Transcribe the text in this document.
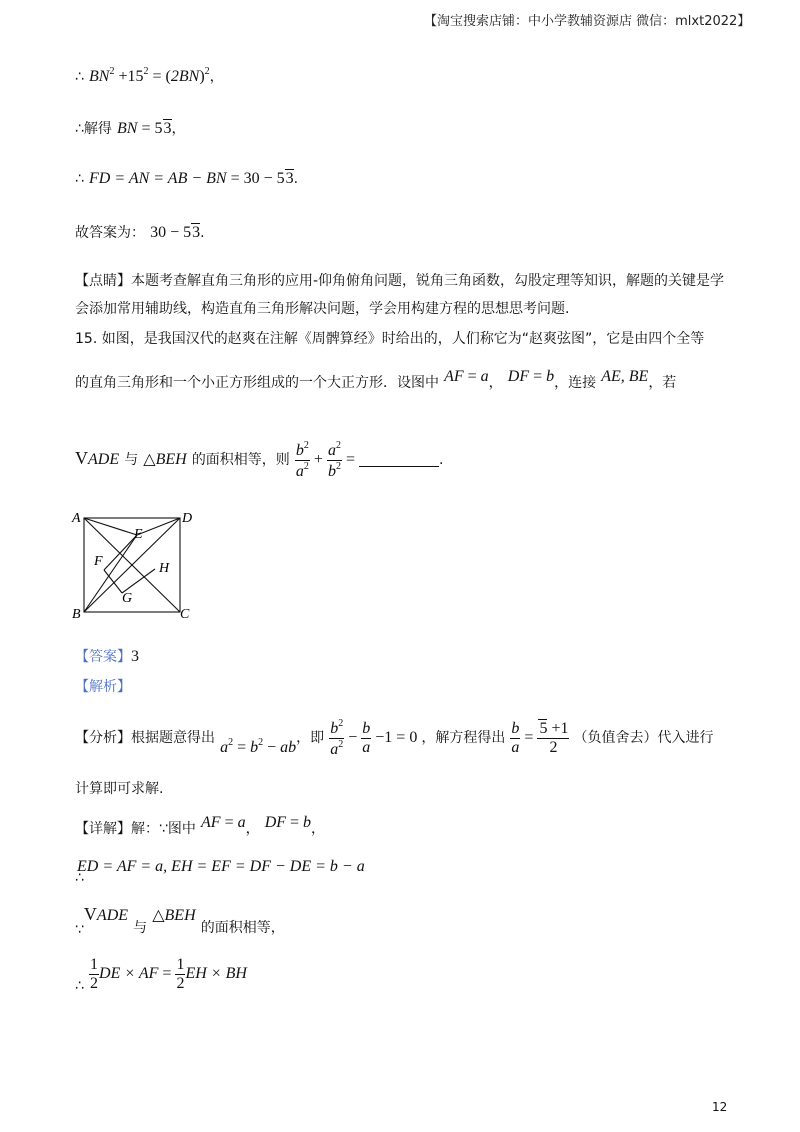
【淘宝搜索店铺：中小学教辅资源店 微信：mlxt2022】
∴ $BN^2 +15^2 = (2BN)^2$，
∴解得 BN = 53，
∴ FD = AN = AB − BN = 30 − 53.
故答案为： 30 − 53.
【点睛】本题考查解直角三角形的应用-仰角俯角问题，锐角三角函数，勾股定理等知识，解题的关键是学
会添加常用辅助线，构造直角三角形解决问题，学会用构建方程的思想思考问题.
15. 如图，是我国汉代的赵爽在注解《周髀算经》时给出的，人们称它为“赵爽弦图”，它是由四个全等
的直角三角形和一个小正方形组成的一个大正方形．设图中 AF = a， DF = b，连接 AE, BE，若
VADE 与 △BEH 的面积相等，则 $\frac{b^2}{a^2} + \frac{a^2}{b^2}$ =	.
A	D
E
F	H
G
B	C
【答案】3
【解析】
【分析】根据题意得出 $a^2 = b^2$ − ab，即 $\frac{b^2}{a^2} - \frac{b}{a} -1 = 0$ ，解方程得出 $\frac{b}{a} = \frac{5 +1}{2}$ （负值舍去）代入进行
计算即可求解.
【详解】解：∵图中 AF = a， DF = b，
ED = AF = a, EH = EF = DF − DE = b − a
∴
∵VADE 与 △BEH 的面积相等，
∴ $\frac{1}{2}$ DE × AF = $\frac{1}{2}$ EH × BH
12
